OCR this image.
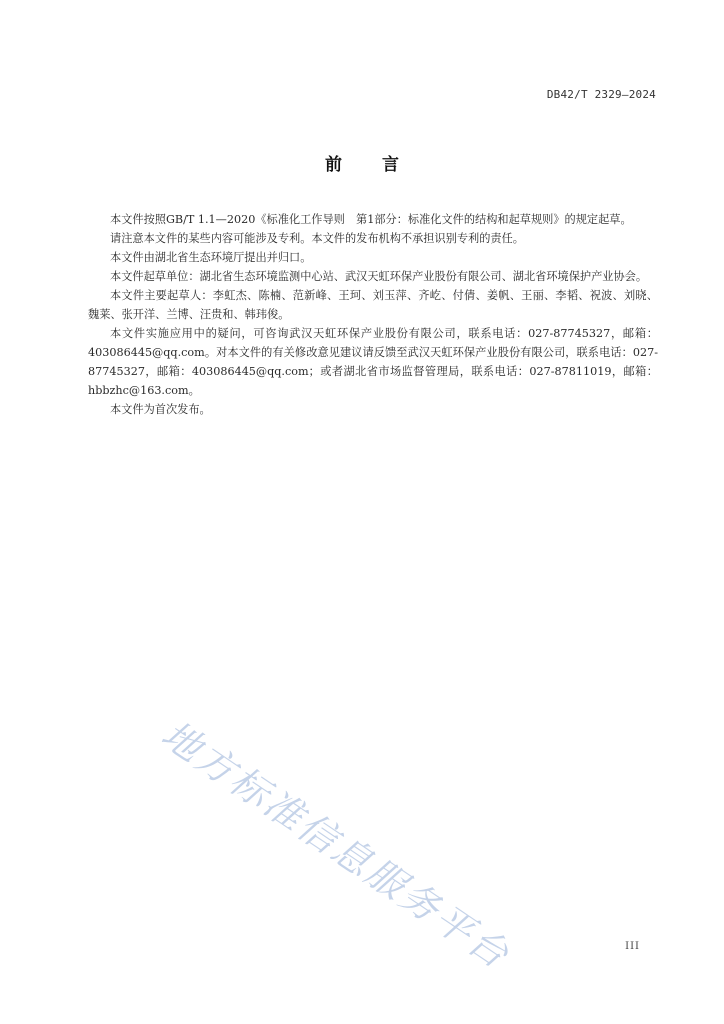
DB42/T 2329—2024
前言

本文件按照GB/T 1.1—2020《标准化工作导则　第1部分：标准化文件的结构和起草规则》的规定起草。

请注意本文件的某些内容可能涉及专利。本文件的发布机构不承担识别专利的责任。

本文件由湖北省生态环境厅提出并归口。

本文件起草单位：湖北省生态环境监测中心站、武汉天虹环保产业股份有限公司、湖北省环境保护产业协会。

本文件主要起草人：李虹杰、陈楠、范新峰、王珂、刘玉萍、齐屹、付倩、姜帆、王丽、李韬、祝波、刘晓、魏莱、张开洋、兰博、汪贵和、韩玮俊。

本文件实施应用中的疑问，可咨询武汉天虹环保产业股份有限公司，联系电话：027-87745327，邮箱：403086445@qq.com。对本文件的有关修改意见建议请反馈至武汉天虹环保产业股份有限公司，联系电话：027-87745327，邮箱：403086445@qq.com；或者湖北省市场监督管理局，联系电话：027-87811019，邮箱：hbbzhc@163.com。

本文件为首次发布。

地方标准信息服务平台	III
